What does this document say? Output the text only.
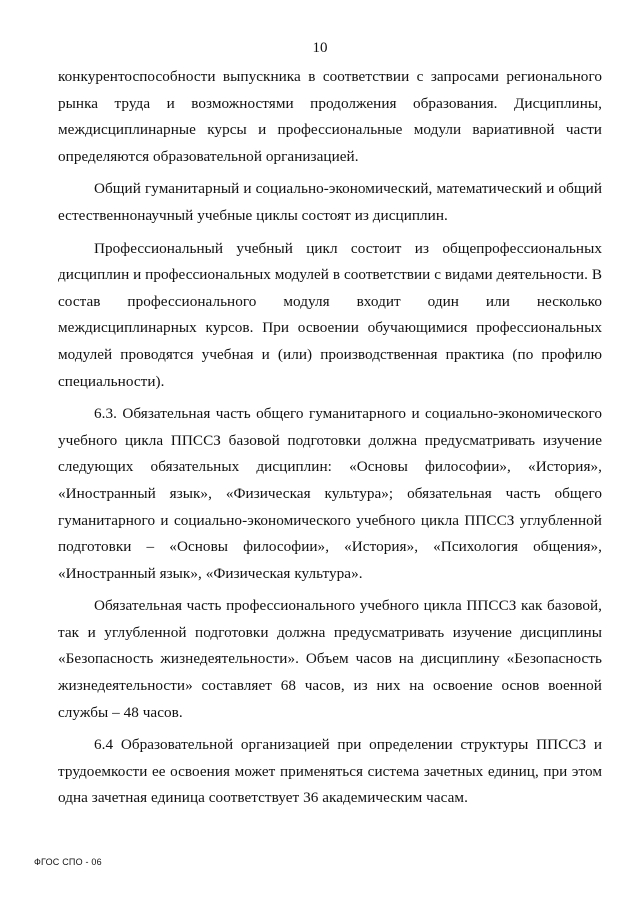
10

конкурентоспособности выпускника в соответствии с запросами регионального рынка труда и возможностями продолжения образования. Дисциплины, междисциплинарные курсы и профессиональные модули вариативной части определяются образовательной организацией.

Общий гуманитарный и социально-экономический, математический и общий естественнонаучный учебные циклы состоят из дисциплин.

Профессиональный учебный цикл состоит из общепрофессиональных дисциплин и профессиональных модулей в соответствии с видами деятельности. В состав профессионального модуля входит один или несколько междисциплинарных курсов. При освоении обучающимися профессиональных модулей проводятся учебная и (или) производственная практика (по профилю специальности).

6.3. Обязательная часть общего гуманитарного и социально-экономического учебного цикла ППССЗ базовой подготовки должна предусматривать изучение следующих обязательных дисциплин: «Основы философии», «История», «Иностранный язык», «Физическая культура»; обязательная часть общего гуманитарного и социально-экономического учебного цикла ППССЗ углубленной подготовки – «Основы философии», «История», «Психология общения», «Иностранный язык», «Физическая культура».

Обязательная часть профессионального учебного цикла ППССЗ как базовой, так и углубленной подготовки должна предусматривать изучение дисциплины «Безопасность жизнедеятельности». Объем часов на дисциплину «Безопасность жизнедеятельности» составляет 68 часов, из них на освоение основ военной службы – 48 часов.

6.4 Образовательной организацией при определении структуры ППССЗ и трудоемкости ее освоения может применяться система зачетных единиц, при этом одна зачетная единица соответствует 36 академическим часам.

ФГОС СПО - 06
